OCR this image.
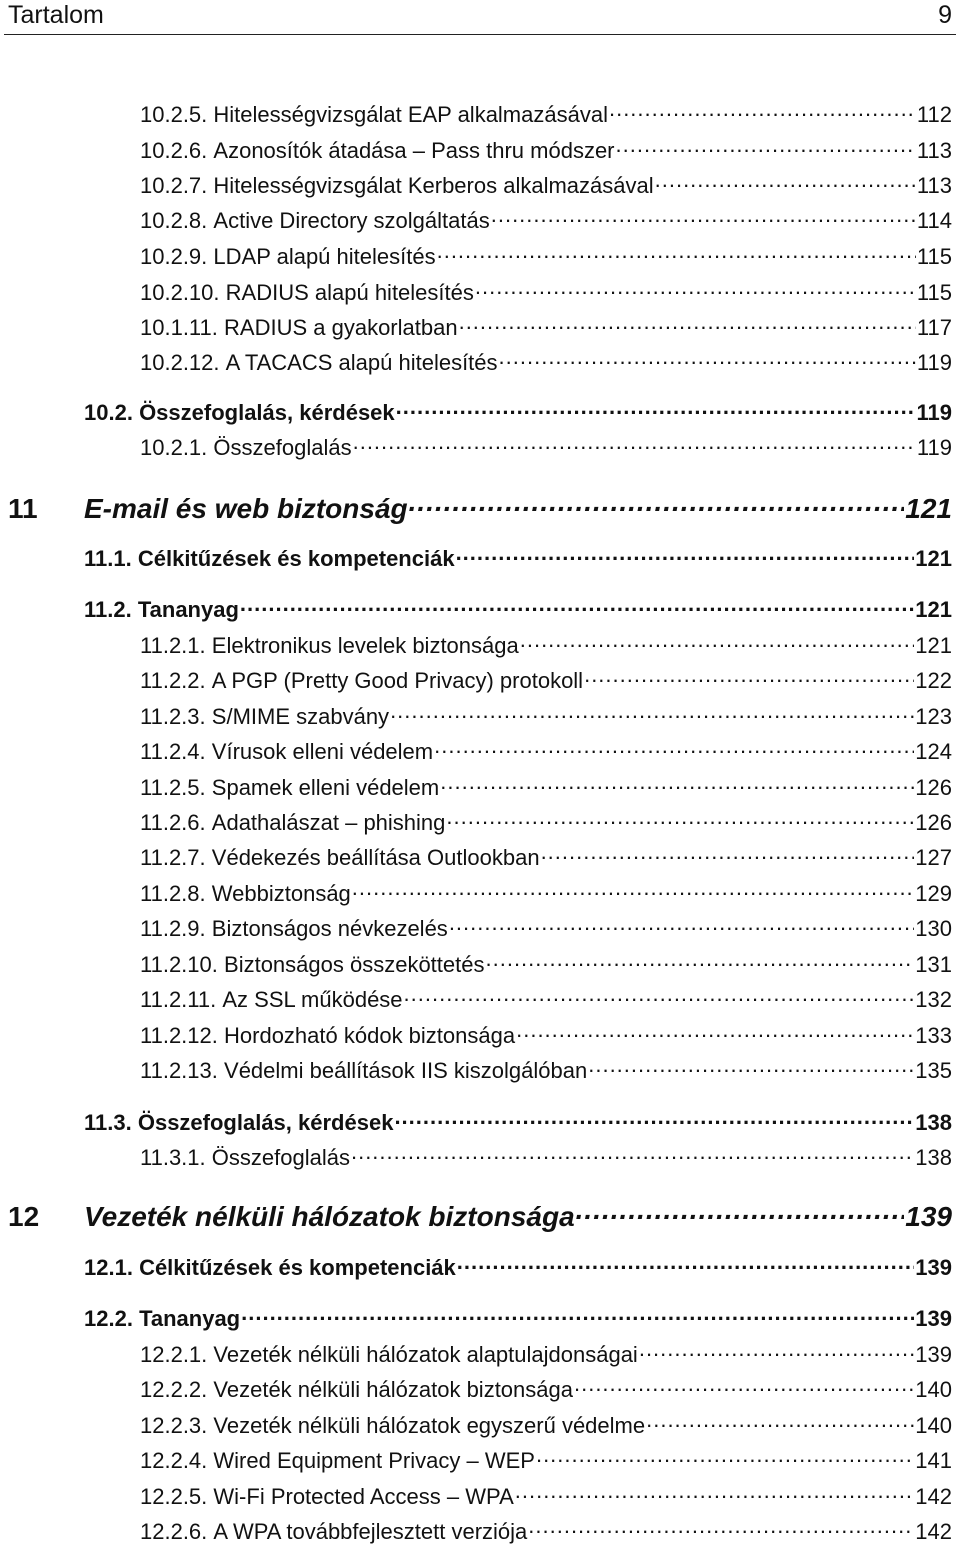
Tartalom	9
10.2.5. Hitelességvizsgálat EAP alkalmazásával .....	112
10.2.6. Azonosítók átadása – Pass thru módszer .....	113
10.2.7. Hitelességvizsgálat Kerberos alkalmazásával .....	113
10.2.8. Active Directory szolgáltatás .....	114
10.2.9. LDAP alapú hitelesítés .....	115
10.2.10. RADIUS alapú hitelesítés .....	115
10.1.11. RADIUS a gyakorlatban .....	117
10.2.12. A TACACS alapú hitelesítés .....	119
10.2. Összefoglalás, kérdések .....	119
10.2.1. Összefoglalás .....	119
11	E-mail és web biztonság .....	121
11.1. Célkitűzések és kompetenciák .....	121
11.2. Tananyag .....	121
11.2.1. Elektronikus levelek biztonsága .....	121
11.2.2. A PGP (Pretty Good Privacy) protokoll .....	122
11.2.3. S/MIME szabvány .....	123
11.2.4. Vírusok elleni védelem .....	124
11.2.5. Spamek elleni védelem .....	126
11.2.6. Adathalászat – phishing .....	126
11.2.7. Védekezés beállítása Outlookban .....	127
11.2.8. Webbiztonság .....	129
11.2.9. Biztonságos névkezelés .....	130
11.2.10. Biztonságos összeköttetés .....	131
11.2.11. Az SSL működése .....	132
11.2.12. Hordozható kódok biztonsága .....	133
11.2.13. Védelmi beállítások IIS kiszolgálóban .....	135
11.3. Összefoglalás, kérdések .....	138
11.3.1. Összefoglalás .....	138
12	Vezeték nélküli hálózatok biztonsága .....	139
12.1. Célkitűzések és kompetenciák .....	139
12.2. Tananyag .....	139
12.2.1. Vezeték nélküli hálózatok alaptulajdonságai .....	139
12.2.2. Vezeték nélküli hálózatok biztonsága .....	140
12.2.3. Vezeték nélküli hálózatok egyszerű védelme .....	140
12.2.4. Wired Equipment Privacy – WEP .....	141
12.2.5. Wi-Fi Protected Access – WPA .....	142
12.2.6. A WPA továbbfejlesztett verziója .....	142
